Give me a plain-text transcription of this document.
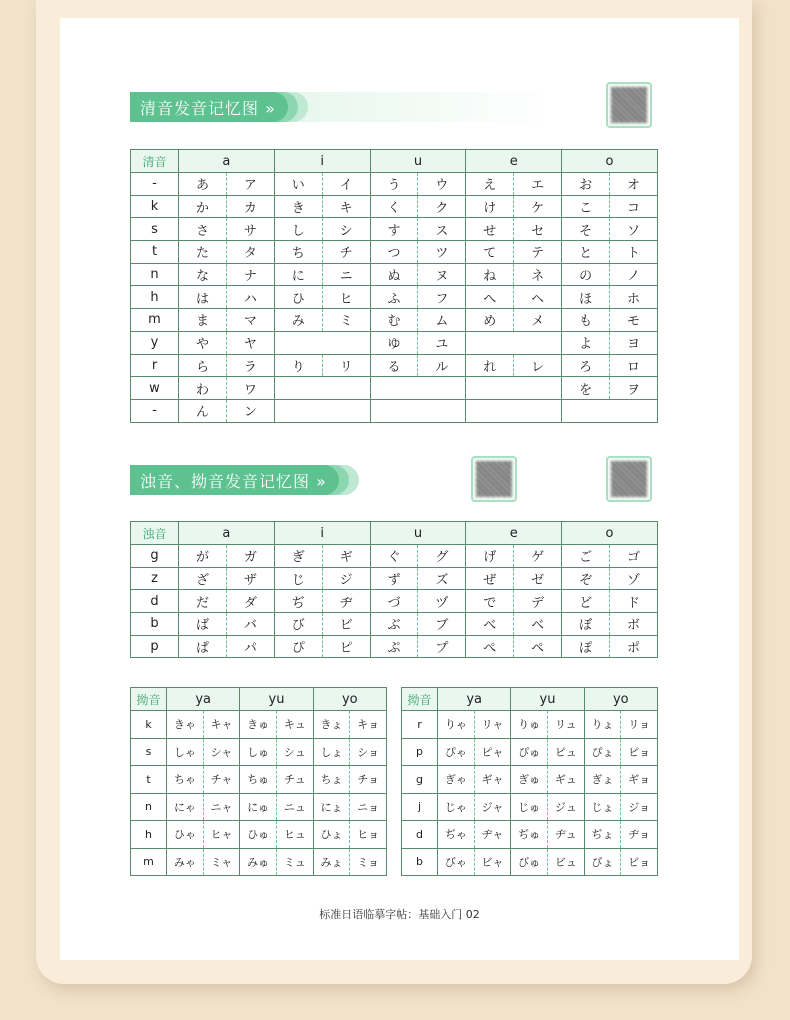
清音发音记忆图 »
清音	a		i		u		e		o	
-	あ	ア	い	イ	う	ウ	え	エ	お	オ
k	か	カ	き	キ	く	ク	け	ケ	こ	コ
s	さ	サ	し	シ	す	ス	せ	セ	そ	ソ
t	た	タ	ち	チ	つ	ツ	て	テ	と	ト
n	な	ナ	に	ニ	ぬ	ヌ	ね	ネ	の	ノ
h	は	ハ	ひ	ヒ	ふ	フ	へ	ヘ	ほ	ホ
m	ま	マ	み	ミ	む	ム	め	メ	も	モ
y	や	ヤ			ゆ	ユ			よ	ヨ
r	ら	ラ	り	リ	る	ル	れ	レ	ろ	ロ
w	わ	ワ							を	ヲ
-	ん	ン								
浊音、拗音发音记忆图 »
浊音	a		i		u		e		o	
g	が	ガ	ぎ	ギ	ぐ	グ	げ	ゲ	ご	ゴ
z	ざ	ザ	じ	ジ	ず	ズ	ぜ	ゼ	ぞ	ゾ
d	だ	ダ	ぢ	ヂ	づ	ヅ	で	デ	ど	ド
b	ば	バ	び	ビ	ぶ	ブ	べ	ベ	ぼ	ボ
p	ぱ	パ	ぴ	ピ	ぷ	プ	ぺ	ペ	ぽ	ポ
拗音	ya		yu		yo	
k	きゃ	キャ	きゅ	キュ	きょ	キョ
s	しゃ	シャ	しゅ	シュ	しょ	ショ
t	ちゃ	チャ	ちゅ	チュ	ちょ	チョ
n	にゃ	ニャ	にゅ	ニュ	にょ	ニョ
h	ひゃ	ヒャ	ひゅ	ヒュ	ひょ	ヒョ
m	みゃ	ミャ	みゅ	ミュ	みょ	ミョ
拗音	ya		yu		yo	
r	りゃ	リャ	りゅ	リュ	りょ	リョ
p	ぴゃ	ピャ	ぴゅ	ピュ	ぴょ	ピョ
g	ぎゃ	ギャ	ぎゅ	ギュ	ぎょ	ギョ
j	じゃ	ジャ	じゅ	ジュ	じょ	ジョ
d	ぢゃ	ヂャ	ぢゅ	ヂュ	ぢょ	ヂョ
b	びゃ	ビャ	びゅ	ビュ	びょ	ビョ
标准日语临摹字帖：基础入门 02
